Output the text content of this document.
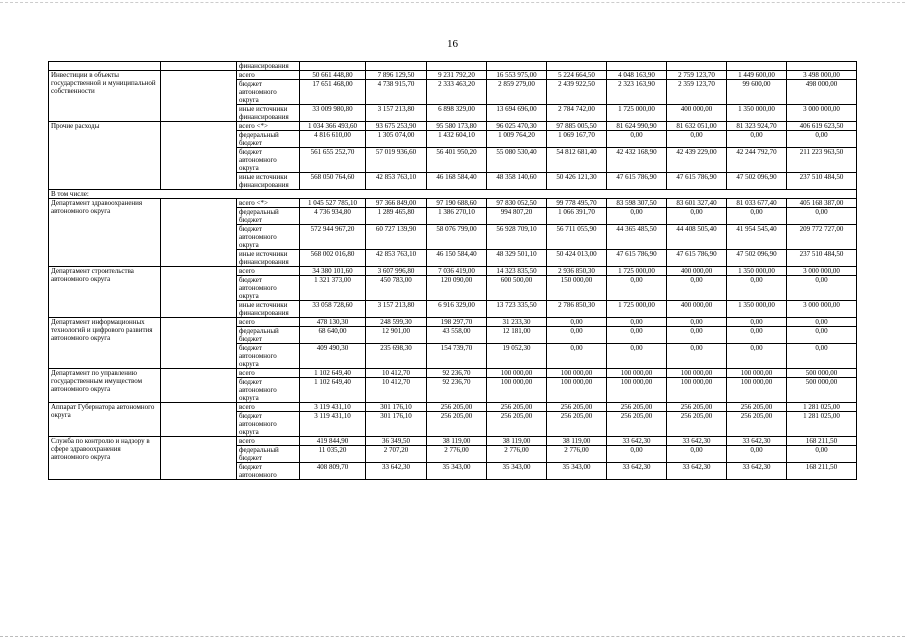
16
		финансирования									
Инвестиции в объекты государственной и муниципальной собственности		всего	50 661 448,80	7 896 129,50	9 231 792,20	16 553 975,00	5 224 664,50	4 048 163,90	2 759 123,70	1 449 600,00	3 498 000,00
		бюджет автономного округа	17 651 468,00	4 738 915,70	2 333 463,20	2 859 279,00	2 439 922,50	2 323 163,90	2 359 123,70	99 600,00	498 000,00
		иные источники финансирования	33 009 980,80	3 157 213,80	6 898 329,00	13 694 696,00	2 784 742,00	1 725 000,00	400 000,00	1 350 000,00	3 000 000,00
Прочие расходы		всего <*>	1 034 366 493,60	93 675 253,90	95 580 173,80	96 025 470,30	97 885 005,50	81 624 990,90	81 632 051,00	81 323 924,70	406 619 623,50
		федеральный бюджет	4 816 610,00	1 305 074,00	1 432 604,10	1 009 764,20	1 069 167,70	0,00	0,00	0,00	0,00
		бюджет автономного округа	561 655 252,70	57 019 936,60	56 401 950,20	55 080 530,40	54 812 681,40	42 432 168,90	42 439 229,00	42 244 792,70	211 223 963,50
		иные источники финансирования	568 050 764,60	42 853 763,10	46 168 584,40	48 358 140,60	50 426 121,30	47 615 786,90	47 615 786,90	47 502 096,90	237 510 484,50
В том числе:											
Департамент здравоохранения автономного округа		всего <*>	1 045 527 785,10	97 366 849,00	97 190 688,60	97 830 052,50	99 778 495,70	83 598 307,50	83 601 327,40	81 033 677,40	405 168 387,00
		федеральный бюджет	4 736 934,80	1 289 465,80	1 386 270,10	994 807,20	1 066 391,70	0,00	0,00	0,00	0,00
		бюджет автономного округа	572 944 967,20	60 727 139,90	58 076 799,00	56 928 709,10	56 711 055,90	44 365 485,50	44 408 505,40	41 954 545,40	209 772 727,00
		иные источники финансирования	568 002 016,80	42 853 763,10	46 150 584,40	48 329 501,10	50 424 013,00	47 615 786,90	47 615 786,90	47 502 096,90	237 510 484,50
Департамент строительства автономного округа		всего	34 380 101,60	3 607 996,80	7 036 419,00	14 323 835,50	2 936 850,30	1 725 000,00	400 000,00	1 350 000,00	3 000 000,00
		бюджет автономного округа	1 321 373,00	450 783,00	120 090,00	600 500,00	150 000,00	0,00	0,00	0,00	0,00
		иные источники финансирования	33 058 728,60	3 157 213,80	6 916 329,00	13 723 335,50	2 786 850,30	1 725 000,00	400 000,00	1 350 000,00	3 000 000,00
Департамент информационных технологий и цифрового развития автономного округа		всего	478 130,30	248 599,30	198 297,70	31 233,30	0,00	0,00	0,00	0,00	0,00
		федеральный бюджет	68 640,00	12 901,00	43 558,00	12 181,00	0,00	0,00	0,00	0,00	0,00
		бюджет автономного округа	409 490,30	235 698,30	154 739,70	19 052,30	0,00	0,00	0,00	0,00	0,00
Департамент по управлению государственным имуществом автономного округа		всего	1 102 649,40	10 412,70	92 236,70	100 000,00	100 000,00	100 000,00	100 000,00	100 000,00	500 000,00
		бюджет автономного округа	1 102 649,40	10 412,70	92 236,70	100 000,00	100 000,00	100 000,00	100 000,00	100 000,00	500 000,00
Аппарат Губернатора автономного округа		всего	3 119 431,10	301 176,10	256 205,00	256 205,00	256 205,00	256 205,00	256 205,00	256 205,00	1 281 025,00
		бюджет автономного округа	3 119 431,10	301 176,10	256 205,00	256 205,00	256 205,00	256 205,00	256 205,00	256 205,00	1 281 025,00
Служба по контролю и надзору в сфере здравоохранения автономного округа		всего	419 844,90	36 349,50	38 119,00	38 119,00	38 119,00	33 642,30	33 642,30	33 642,30	168 211,50
		федеральный бюджет	11 035,20	2 707,20	2 776,00	2 776,00	2 776,00	0,00	0,00	0,00	0,00
		бюджет автономного	408 809,70	33 642,30	35 343,00	35 343,00	35 343,00	33 642,30	33 642,30	33 642,30	168 211,50
